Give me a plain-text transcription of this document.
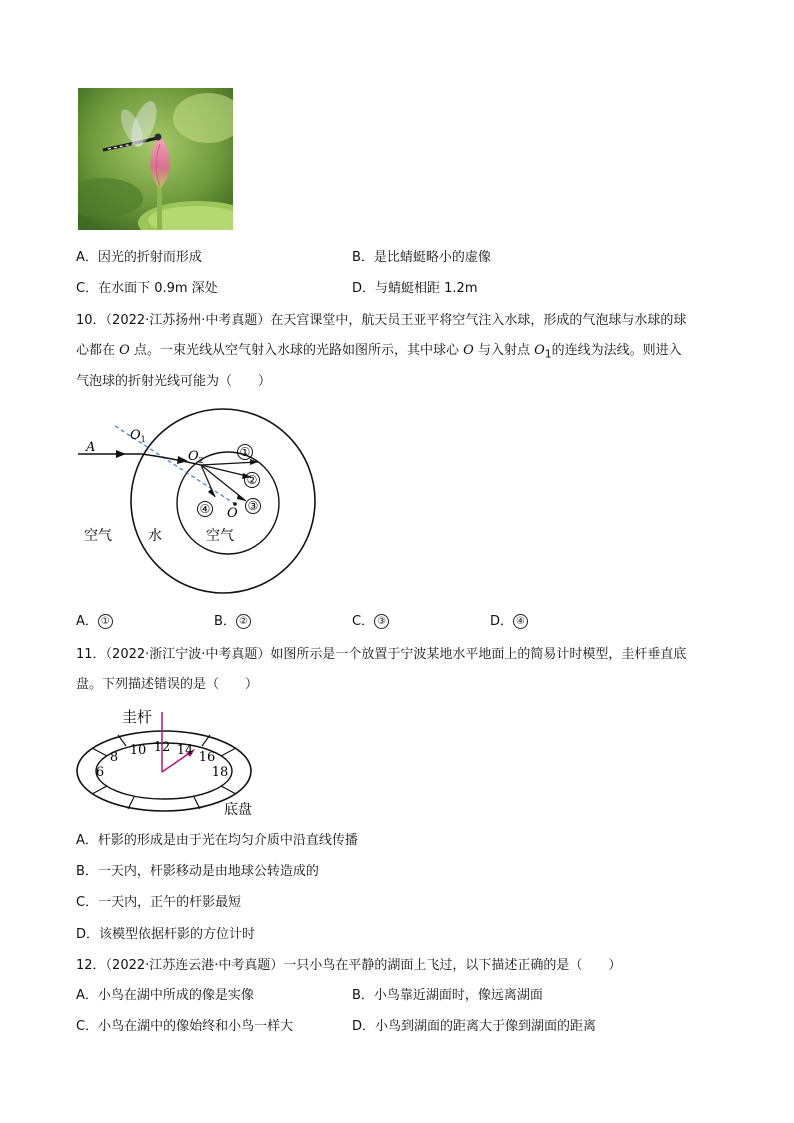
A．因光的折射而形成	B．是比蜻蜓略小的虚像
C．在水面下 0.9m 深处	D．与蜻蜓相距 1.2m
10．（2022·江苏扬州·中考真题）在天宫课堂中，航天员王亚平将空气注入水球，形成的气泡球与水球的球
心都在 O 点。一束光线从空气射入水球的光路如图所示，其中球心 O 与入射点 $O_1$的连线为法线。则进入
气泡球的折射光线可能为（　　）
A
$O_1$
$O_2$
O
①
②
③
④
空气	水	空气
A． ①	B． ②	C． ③	D． ④
11．（2022·浙江宁波·中考真题）如图所示是一个放置于宁波某地水平地面上的简易计时模型，圭杆垂直底
盘。下列描述错误的是（　　）
圭杆
底盘
6
8 10 12 14 16
18
A．杆影的形成是由于光在均匀介质中沿直线传播
B．一天内，杆影移动是由地球公转造成的
C．一天内，正午的杆影最短
D．该模型依据杆影的方位计时
12．（2022·江苏连云港·中考真题）一只小鸟在平静的湖面上飞过，以下描述正确的是（　　）
A．小鸟在湖中所成的像是实像	B．小鸟靠近湖面时，像远离湖面
C．小鸟在湖中的像始终和小鸟一样大	D．小鸟到湖面的距离大于像到湖面的距离
